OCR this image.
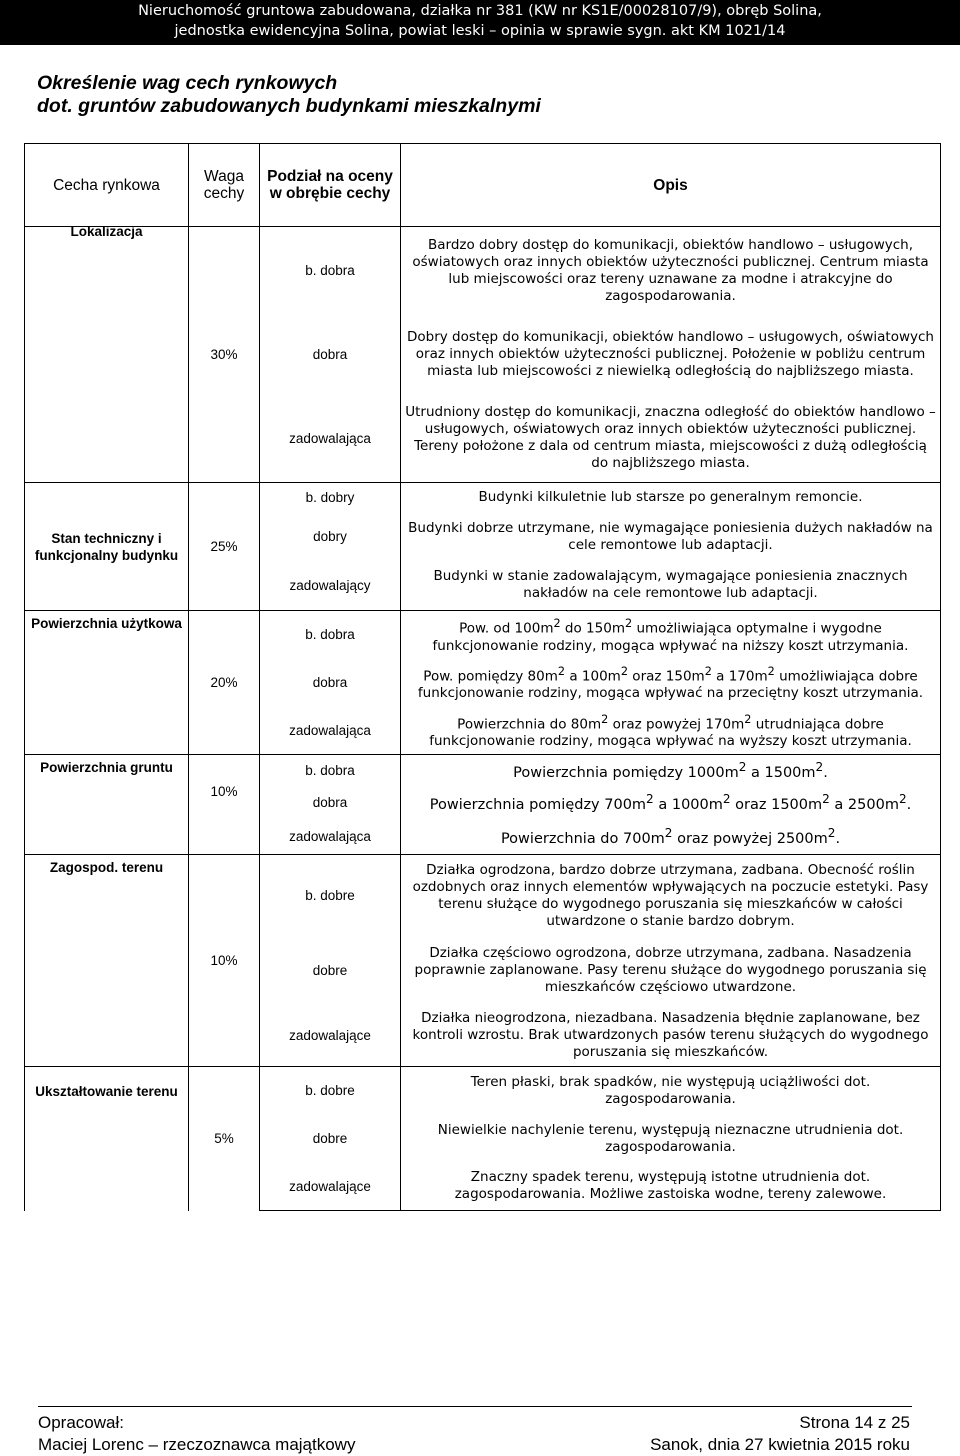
Nieruchomość gruntowa zabudowana, działka nr 381 (KW nr KS1E/00028107/9), obręb Solina,
jednostka ewidencyjna Solina, powiat leski – opinia w sprawie sygn. akt KM 1021/14
Określenie wag cech rynkowych
dot. gruntów zabudowanych budynkami mieszkalnymi
Cecha rynkowa	Waga cechy	Podział na oceny w obrębie cechy	Opis

Lokalizacja	30%	b. dobra	Bardzo dobry dostęp do komunikacji, obiektów handlowo – usługowych, oświatowych oraz innych obiektów użyteczności publicznej. Centrum miasta lub miejscowości oraz tereny uznawane za modne i atrakcyjne do zagospodarowania.
		dobra	Dobry dostęp do komunikacji, obiektów handlowo – usługowych, oświatowych oraz innych obiektów użyteczności publicznej. Położenie w pobliżu centrum miasta lub miejscowości z niewielką odległością do najbliższego miasta.
		zadowalająca	Utrudniony dostęp do komunikacji, znaczna odległość do obiektów handlowo – usługowych, oświatowych oraz innych obiektów użyteczności publicznej. Tereny położone z dala od centrum miasta, miejscowości z dużą odległością do najbliższego miasta.
Stan techniczny i funkcjonalny budynku	25%	b. dobry	Budynki kilkuletnie lub starsze po generalnym remoncie.
		dobry	Budynki dobrze utrzymane, nie wymagające poniesienia dużych nakładów na cele remontowe lub adaptacji.
		zadowalający	Budynki w stanie zadowalającym, wymagające poniesienia znacznych nakładów na cele remontowe lub adaptacji.
Powierzchnia użytkowa	20%	b. dobra	Pow. od $100m^2$ do $150m^2$ umożliwiająca optymalne i wygodne funkcjonowanie rodziny, mogąca wpływać na niższy koszt utrzymania.
		dobra	Pow. pomiędzy $80m^2$ a $100m^2$ oraz $150m^2$ a $170m^2$ umożliwiająca dobre funkcjonowanie rodziny, mogąca wpływać na przeciętny koszt utrzymania.
		zadowalająca	Powierzchnia do $80m^2$ oraz powyżej $170m^2$ utrudniająca dobre funkcjonowanie rodziny, mogąca wpływać na wyższy koszt utrzymania.
Powierzchnia gruntu	10%	b. dobra	Powierzchnia pomiędzy $1000m^2$ a $1500m^2$.
		dobra	Powierzchnia pomiędzy $700m^2$ a $1000m^2$ oraz $1500m^2$ a $2500m^2$.
		zadowalająca	Powierzchnia do $700m^2$ oraz powyżej $2500m^2$.
Zagospod. terenu	10%	b. dobre	Działka ogrodzona, bardzo dobrze utrzymana, zadbana. Obecność roślin ozdobnych oraz innych elementów wpływających na poczucie estetyki. Pasy terenu służące do wygodnego poruszania się mieszkańców w całości utwardzone o stanie bardzo dobrym.
		dobre	Działka częściowo ogrodzona, dobrze utrzymana, zadbana. Nasadzenia poprawnie zaplanowane. Pasy terenu służące do wygodnego poruszania się mieszkańców częściowo utwardzone.
		zadowalające	Działka nieogrodzona, niezadbana. Nasadzenia błędnie zaplanowane, bez kontroli wzrostu. Brak utwardzonych pasów terenu służących do wygodnego poruszania się mieszkańców.
Ukształtowanie terenu	5%	b. dobre	Teren płaski, brak spadków, nie występują uciążliwości dot. zagospodarowania.
		dobre	Niewielkie nachylenie terenu, występują nieznaczne utrudnienia dot. zagospodarowania.
		zadowalające	Znaczny spadek terenu, występują istotne utrudnienia dot. zagospodarowania. Możliwe zastoiska wodne, tereny zalewowe.
Opracował:
Maciej Lorenc – rzeczoznawca majątkowy
Strona 14 z 25
Sanok, dnia 27 kwietnia 2015 roku
